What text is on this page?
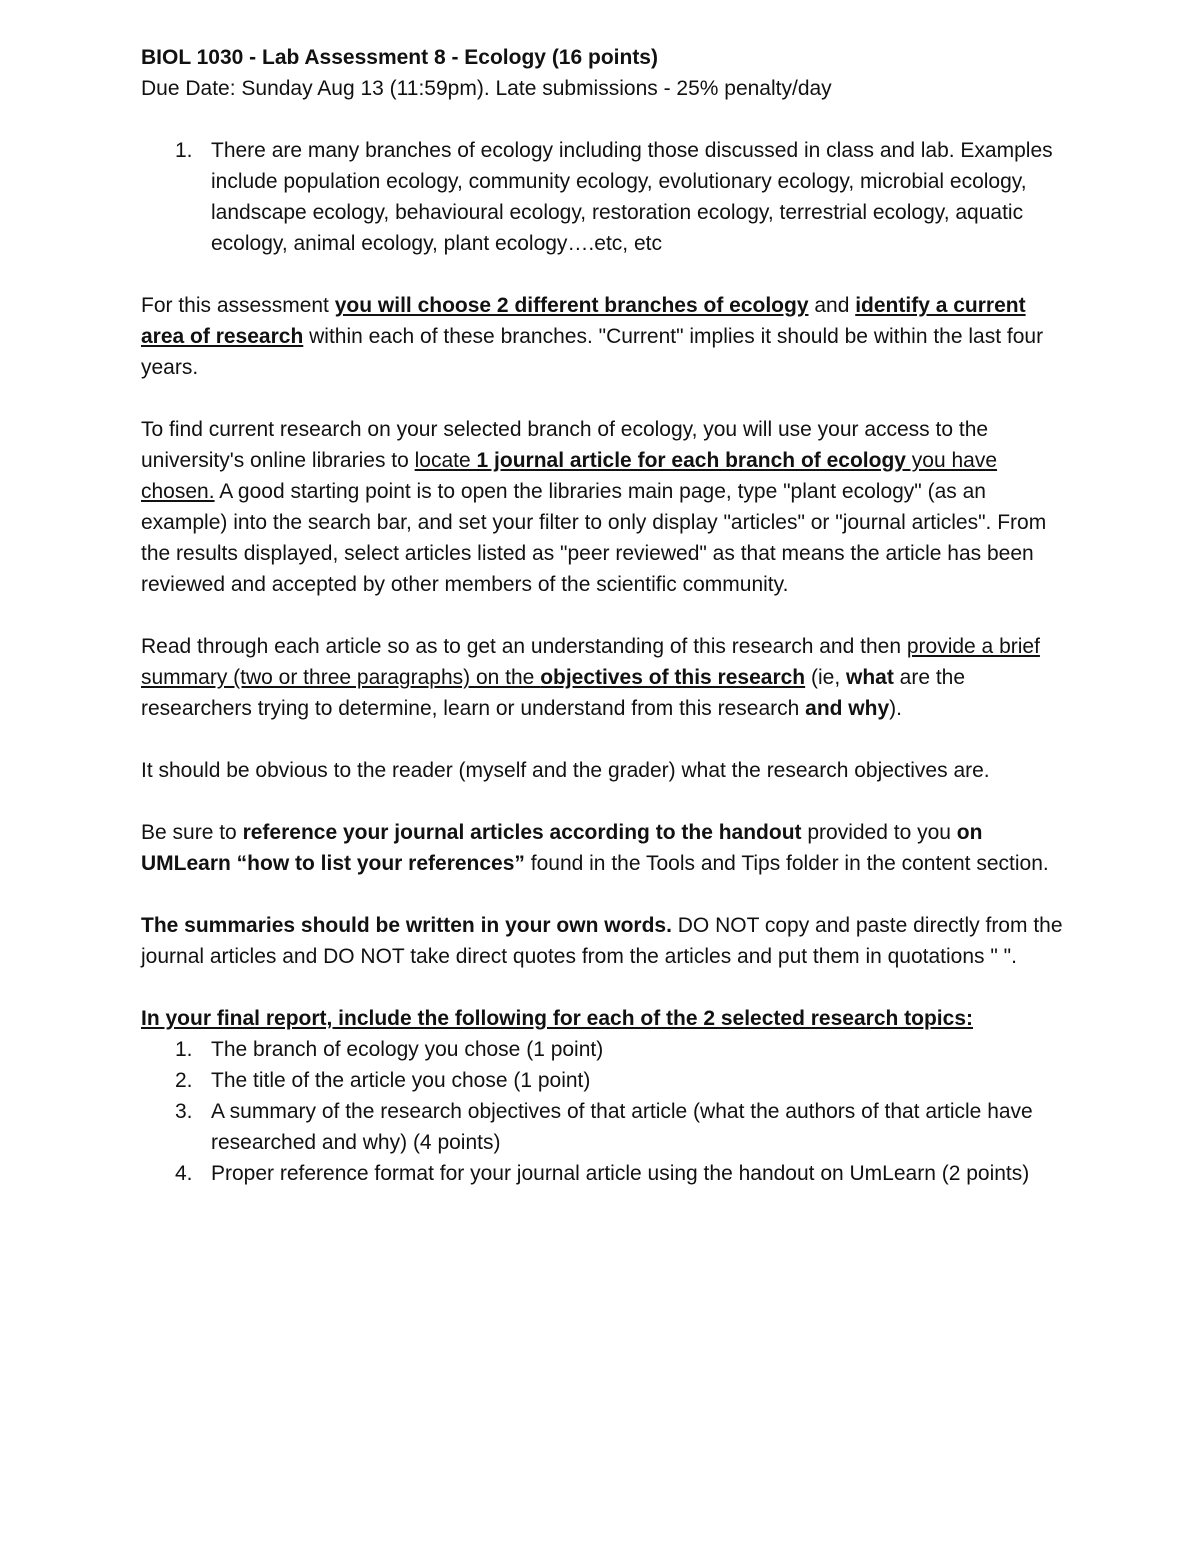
BIOL 1030 - Lab Assessment 8 - Ecology (16 points)

Due Date: Sunday Aug 13 (11:59pm). Late submissions - 25% penalty/day

1. There are many branches of ecology including those discussed in class and lab. Examples include population ecology, community ecology, evolutionary ecology, microbial ecology, landscape ecology, behavioural ecology, restoration ecology, terrestrial ecology, aquatic ecology, animal ecology, plant ecology….etc, etc

For this assessment you will choose 2 different branches of ecology and identify a current area of research within each of these branches. "Current" implies it should be within the last four years.

To find current research on your selected branch of ecology, you will use your access to the university's online libraries to locate 1 journal article for each branch of ecology you have chosen. A good starting point is to open the libraries main page, type "plant ecology" (as an example) into the search bar, and set your filter to only display "articles" or "journal articles". From the results displayed, select articles listed as "peer reviewed" as that means the article has been reviewed and accepted by other members of the scientific community.

Read through each article so as to get an understanding of this research and then provide a brief summary (two or three paragraphs) on the objectives of this research (ie, what are the researchers trying to determine, learn or understand from this research and why).

It should be obvious to the reader (myself and the grader) what the research objectives are.

Be sure to reference your journal articles according to the handout provided to you on UMLearn “how to list your references” found in the Tools and Tips folder in the content section.

The summaries should be written in your own words. DO NOT copy and paste directly from the journal articles and DO NOT take direct quotes from the articles and put them in quotations " ".

In your final report, include the following for each of the 2 selected research topics:

1. The branch of ecology you chose (1 point)
2. The title of the article you chose (1 point)
3. A summary of the research objectives of that article (what the authors of that article have researched and why) (4 points)
4. Proper reference format for your journal article using the handout on UmLearn (2 points)
